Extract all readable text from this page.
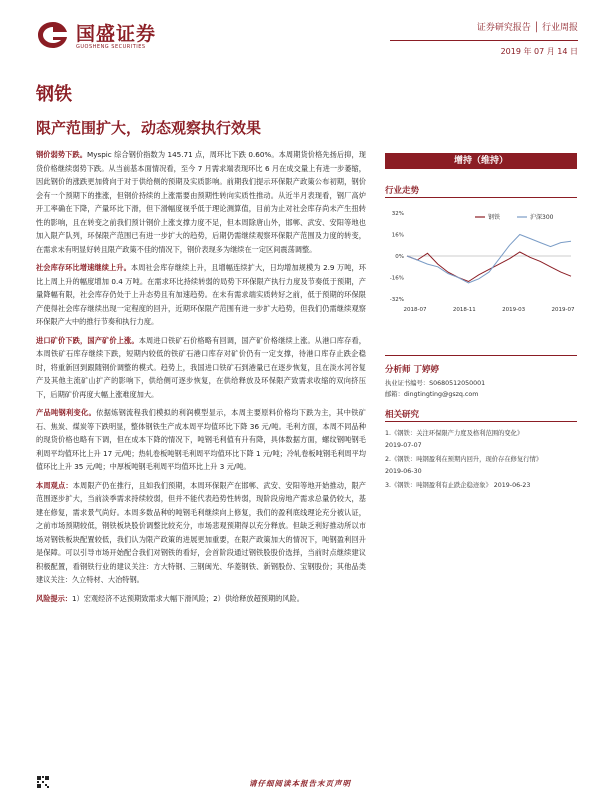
国盛证券
GUOSHENG SECURITIES
证券研究报告 │ 行业周报
2019 年 07 月 14 日
钢铁
限产范围扩大，动态观察执行效果

钢价弱势下跌。Myspic 综合钢价指数为 145.71 点，周环比下跌 0.60%。本周期货价格先扬后抑，现货价格继续弱势下跌。从当前基本面情况看，至今 7 月需求端表现环比 6 月在成交量上有进一步萎缩，因此钢价的涨跌更加倚向于对于供给侧的预期及实质影响。前期我们提示环保限产政策公布初期，钢价会有一个预期下的推涨，但钢价持续的上涨需要由预期性转向实质性推动。从近半月表现看，钢厂高炉开工率确在下降，产量环比下滑，但下滑幅度视乎低于理论测算值，目前为止对社会库存尚未产生扭转性的影响，且在转变之前我们预计钢价上涨支撑力度不足，但本周除唐山外，邯郸、武安、安阳等地也加入限产队列，环保限产范围已有进一步扩大的趋势，后期仍需继续观察环保限产范围及力度的转变，在需求未有明显好转且限产政策不佳的情况下，钢价表现多为继续在一定区间震荡调整。

社会库存环比增速继续上升。本周社会库存继续上升，且增幅连续扩大，日均增加规模为 2.9 万吨，环比上周上升的幅度增加 0.4 万吨。在需求环比持续转弱的局势下环保限产执行力度及节奏低于预期，产量降幅有限，社会库存仍处于上升态势且有加速趋势。在未有需求端实质转好之前，低于预期的环保限产使得社会库存继续出现一定程度的回升，近期环保限产范围有进一步扩大趋势，但我们仍需继续观察环保限产大中的推行节奏和执行力度。

进口矿价下跌，国产矿价上涨。本周进口铁矿石价格略有回调，国产矿价格继续上涨。从港口库存看，本周铁矿石库存继续下跌，短期内较低的铁矿石港口库存对矿价仍有一定支撑，待港口库存止跌企稳时，将重新回到跟随钢价调整的模式。趋势上，我国进口铁矿石到港量已在逐步恢复，且在淡水河谷复产及其他主流矿山扩产的影响下，供给侧可逐步恢复，在供给释放及环保限产致需求收缩的双向挤压下，后期矿价再度大幅上涨难度加大。

产品吨钢利变化。依据炼钢流程我们模拟的利润模型显示，本周主要原料价格均下跌为主，其中铁矿石、焦炭、煤炭等下跌明显，整体钢铁生产成本周平均值环比下降 36 元/吨。毛利方面，本周不同品种的现货价格也略有下调，但在成本下降的情况下，吨钢毛利值有升有降，具体数据方面，螺纹钢吨钢毛利周平均值环比上升 17 元/吨；热轧卷板吨钢毛利周平均值环比下降 1 元/吨；冷轧卷板吨钢毛利周平均值环比上升 35 元/吨；中厚板吨钢毛利周平均值环比上升 3 元/吨。

本周观点：本周限产仍在推行，且如我们预期，本周环保限产在邯郸、武安、安阳等地开始推动，限产范围逐步扩大，当前淡季需求持续较弱，但并不能代表趋势性转弱，现阶段房地产需求总量仍较大，基建在修复，需求景气尚好。本周多数品种的吨钢毛利继续向上修复，我们的盈利底线理论充分被认证，之前市场预期较低，钢铁板块股价调整比较充分，市场悲观预期得以充分释放。但缺乏利好推动所以市场对钢铁板块配置较低，我们认为限产政策的进展更加重要，在限产政策加大的情况下，吨钢盈利回升是保障。可以引导市场开始配合我们对钢铁的看好，会首阶段通过钢铁股股价选择，当前时点继续建议积极配置，看钢铁行业的建议关注：方大特钢、三钢闽光、华菱钢铁、新钢股份、宝钢股份；其他品类建议关注：久立特材、大冶特钢。

风险提示：1）宏观经济不达预期致需求大幅下滑风险；2）供给释放超预期的风险。

增持（维持）
行业走势
32%
16%
0%
-16%
-32%
2018-07	2018-11	2019-03	2019-07
钢铁	沪深300
分析师 丁婷婷
执业证书编号：S0680512050001
邮箱：dingtingting@gszq.com
相关研究
1.《钢铁：关注环保限产力度及格利范围的变化》
2019-07-07
2.《钢铁：吨钢盈利在预期内回升，现价存在修复行情》
2019-06-30
3.《钢铁：吨钢盈利有止跌企稳迹象》 2019-06-23
请仔细阅读本报告末页声明
